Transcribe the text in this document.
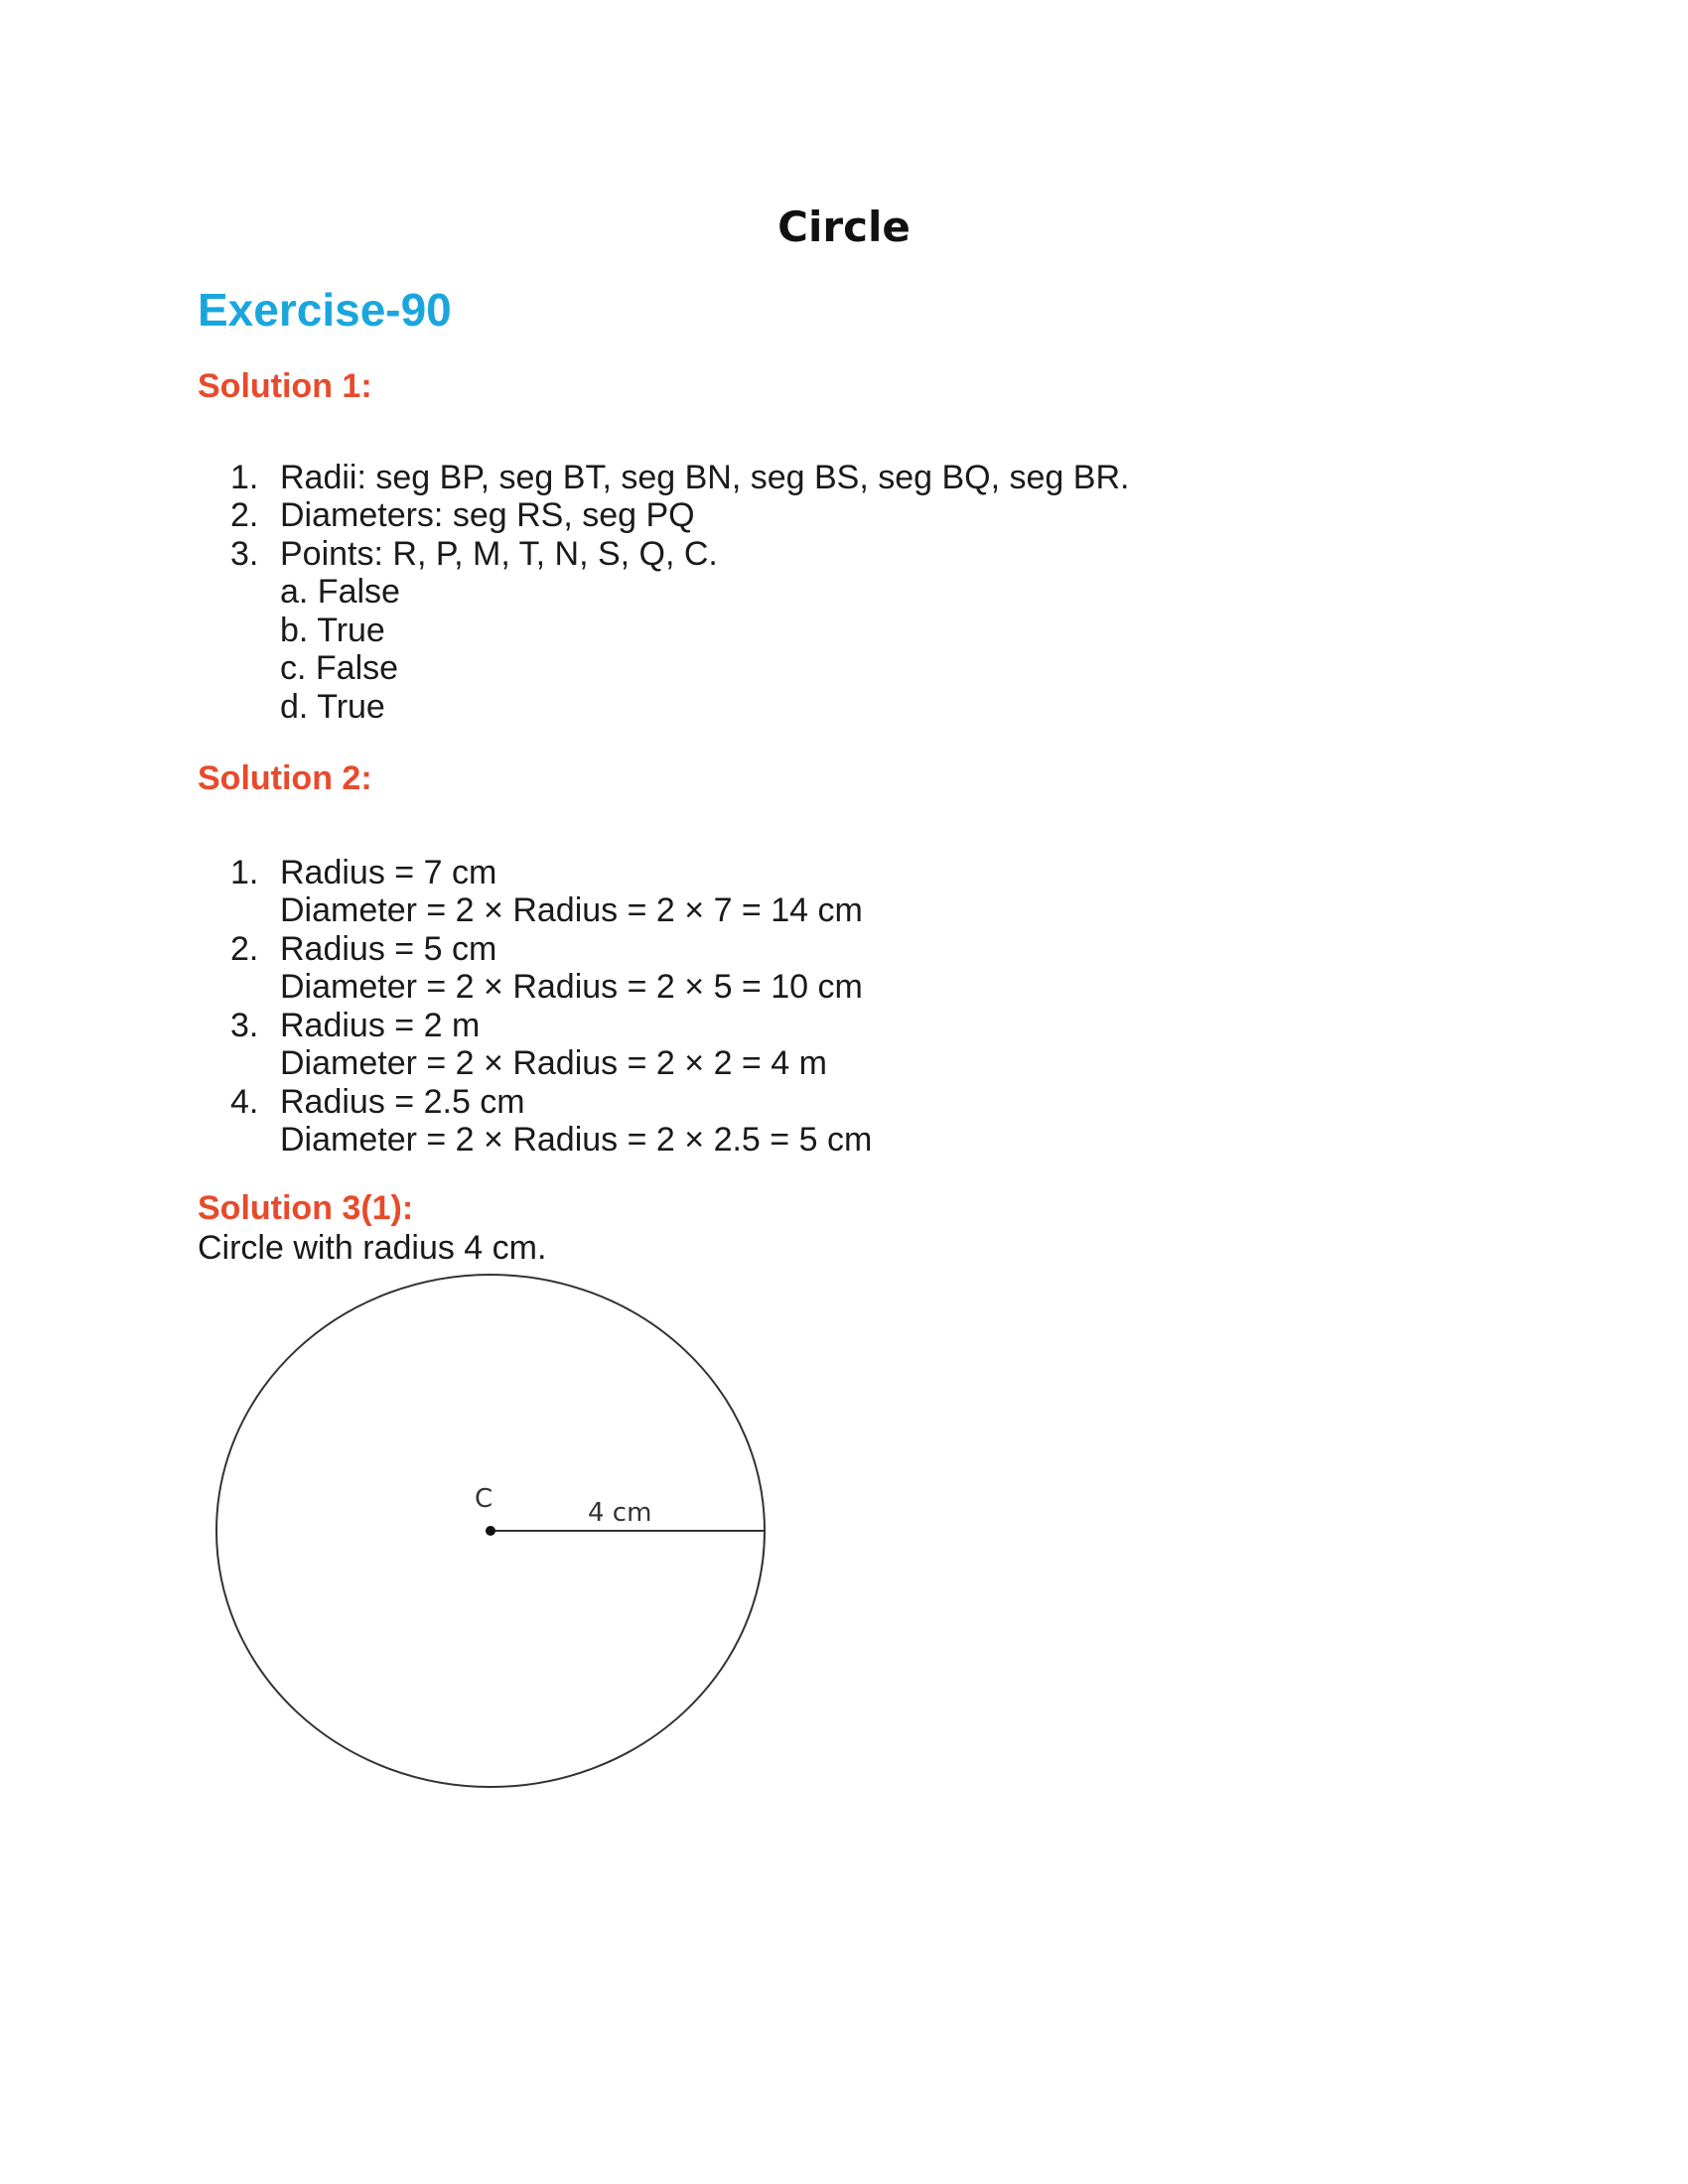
Circle
Exercise-90
Solution 1:
1. Radii: seg BP, seg BT, seg BN, seg BS, seg BQ, seg BR.
2. Diameters: seg RS, seg PQ
3. Points: R, P, M, T, N, S, Q, C.
a. False
b. True
c. False
d. True
Solution 2:
1. Radius = 7 cm
Diameter = 2 × Radius = 2 × 7 = 14 cm
2. Radius = 5 cm
Diameter = 2 × Radius = 2 × 5 = 10 cm
3. Radius = 2 m
Diameter = 2 × Radius = 2 × 2 = 4 m
4. Radius = 2.5 cm
Diameter = 2 × Radius = 2 × 2.5 = 5 cm
Solution 3(1):
Circle with radius 4 cm.
C	4 cm
